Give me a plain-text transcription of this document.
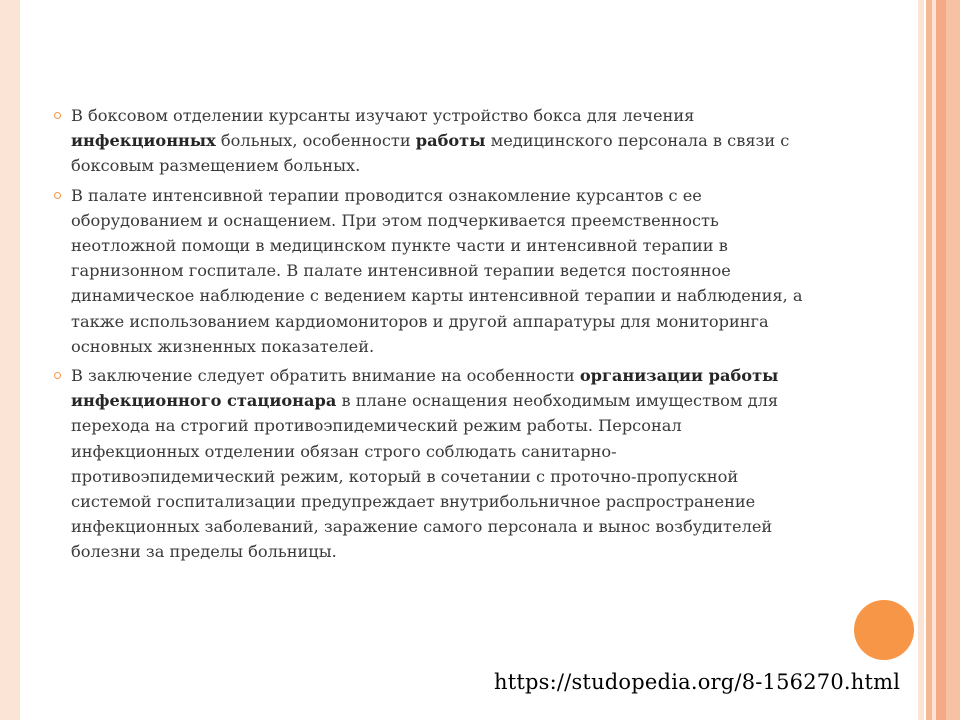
В боксовом отделении курсанты изучают устройство бокса для лечения инфекционных больных, особенности работы медицинского персонала в связи с боксовым размещением больных.
В палате интенсивной терапии проводится ознакомление курсантов с ее оборудованием и оснащением. При этом подчеркивается преемственность неотложной помощи в медицинском пункте части и интенсивной терапии в гарнизонном госпитале. В палате интенсивной терапии ведется постоянное динамическое наблюдение с ведением карты интенсивной терапии и наблюдения, а также использованием кардиомониторов и другой аппаратуры для мониторинга основных жизненных показателей.
В заключение следует обратить внимание на особенности организации работы инфекционного стационара в плане оснащения необходимым имуществом для перехода на строгий противоэпидемический режим работы. Персонал инфекционных отделении обязан строго соблюдать санитарно-противоэпидемический режим, который в сочетании с проточно-пропускной системой госпитализации предупреждает внутрибольничное распространение инфекционных заболеваний, заражение самого персонала и вынос возбудителей болезни за пределы больницы.
https://studopedia.org/8-156270.html
